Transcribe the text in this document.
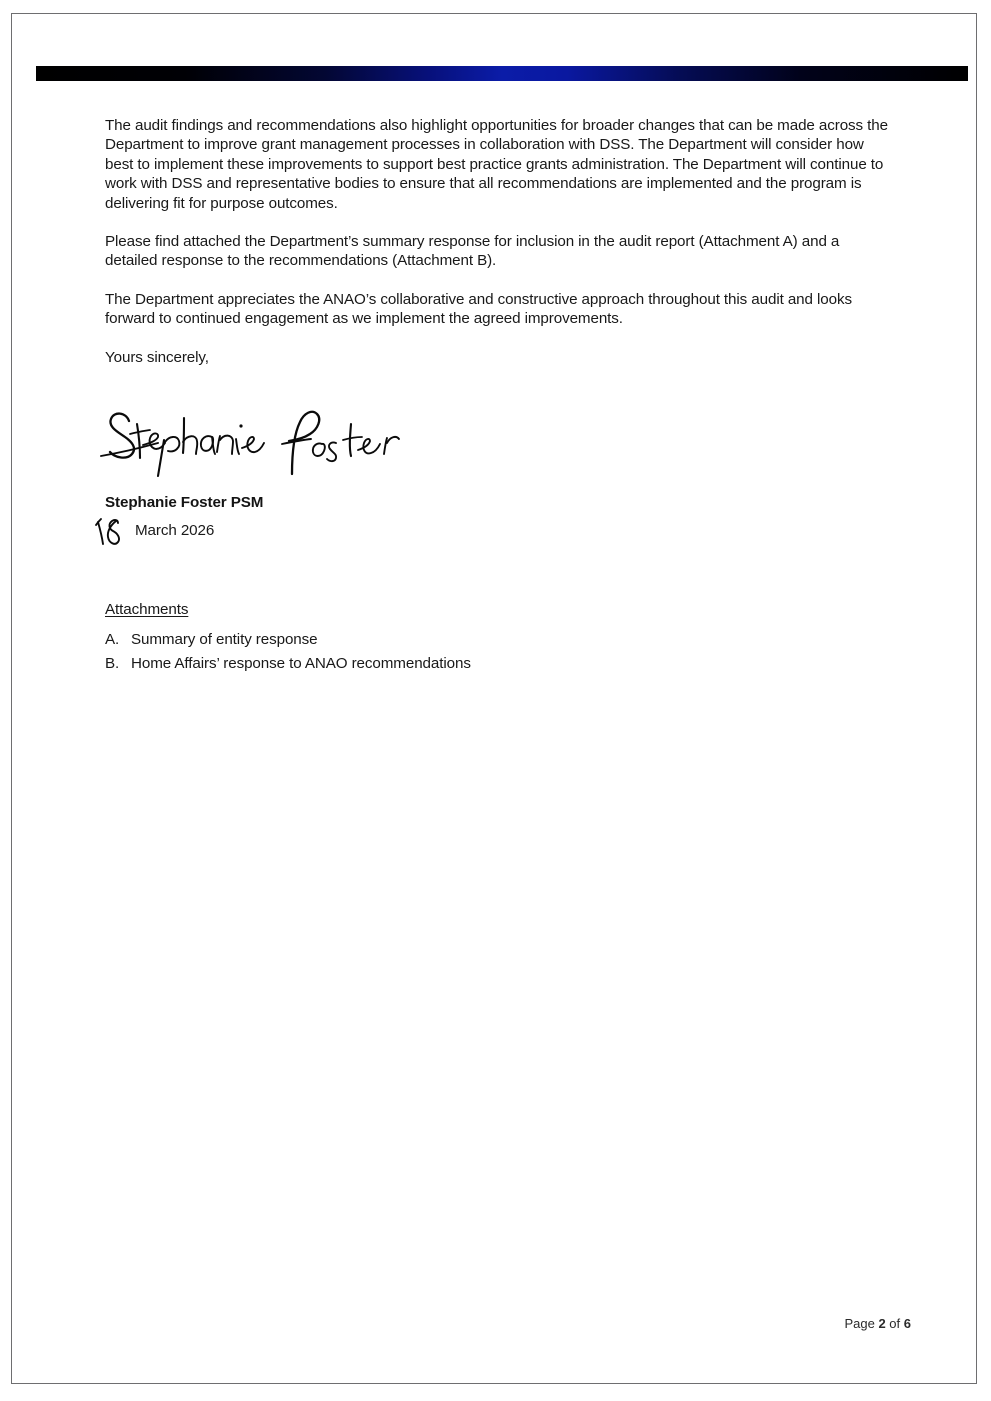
The audit findings and recommendations also highlight opportunities for broader changes that can be made across the Department to improve grant management processes in collaboration with DSS. The Department will consider how best to implement these improvements to support best practice grants administration. The Department will continue to work with DSS and representative bodies to ensure that all recommendations are implemented and the program is delivering fit for purpose outcomes.

Please find attached the Department’s summary response for inclusion in the audit report (Attachment A) and a detailed response to the recommendations (Attachment B).

The Department appreciates the ANAO’s collaborative and constructive approach throughout this audit and looks forward to continued engagement as we implement the agreed improvements.

Yours sincerely,

Stephanie Foster PSM
March 2026

Attachments

A. Summary of entity response

B. Home Affairs’ response to ANAO recommendations

Page 2 of 6
